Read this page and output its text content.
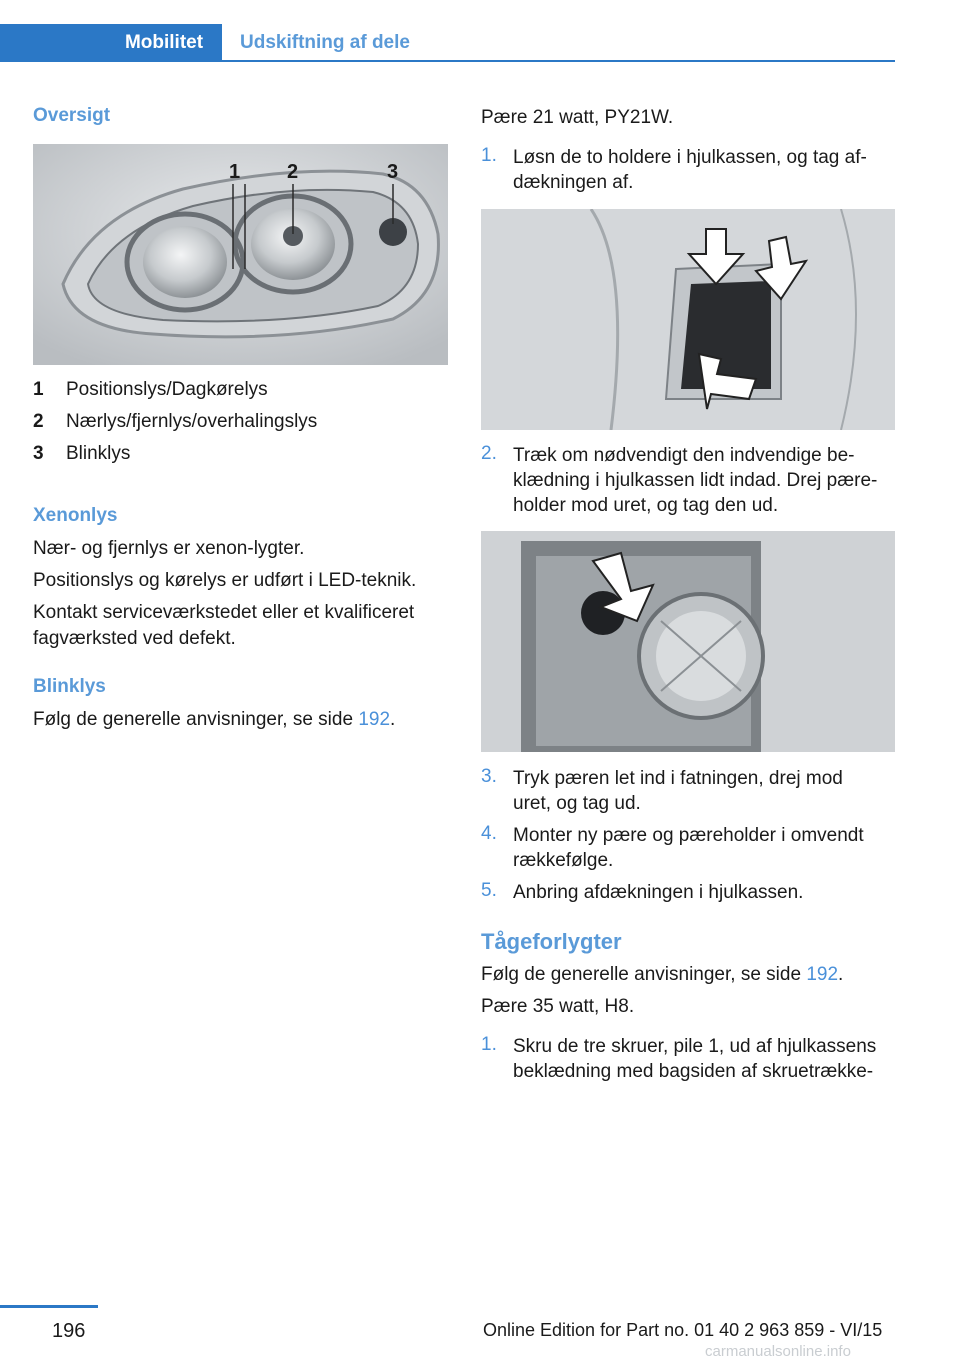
Mobilitet	Udskiftning af dele
Oversigt
1 2	3
1 Positionslys/Dagkørelys
2 Nærlys/fjernlys/overhalingslys
3 Blinklys
Xenonlys
Nær- og fjernlys er xenon-lygter.
Positionslys og kørelys er udført i LED-teknik.
Kontakt serviceværkstedet eller et kvalificeret
fagværksted ved defekt.
Blinklys
Følg de generelle anvisninger, se side 192.
Pære 21 watt, PY21W.
1. Løsn de to holdere i hjulkassen, og tag af-
dækningen af.
2. Træk om nødvendigt den indvendige be-
klædning i hjulkassen lidt indad. Drej pære-
holder mod uret, og tag den ud.
3. Tryk pæren let ind i fatningen, drej mod
uret, og tag ud.
4. Monter ny pære og pæreholder i omvendt
rækkefølge.
5. Anbring afdækningen i hjulkassen.
Tågeforlygter
Følg de generelle anvisninger, se side 192.
Pære 35 watt, H8.
1. Skru de tre skruer, pile 1, ud af hjulkassens
beklædning med bagsiden af skruetrække-
196	Online Edition for Part no. 01 40 2 963 859 - VI/15
carmanualsonline.info
